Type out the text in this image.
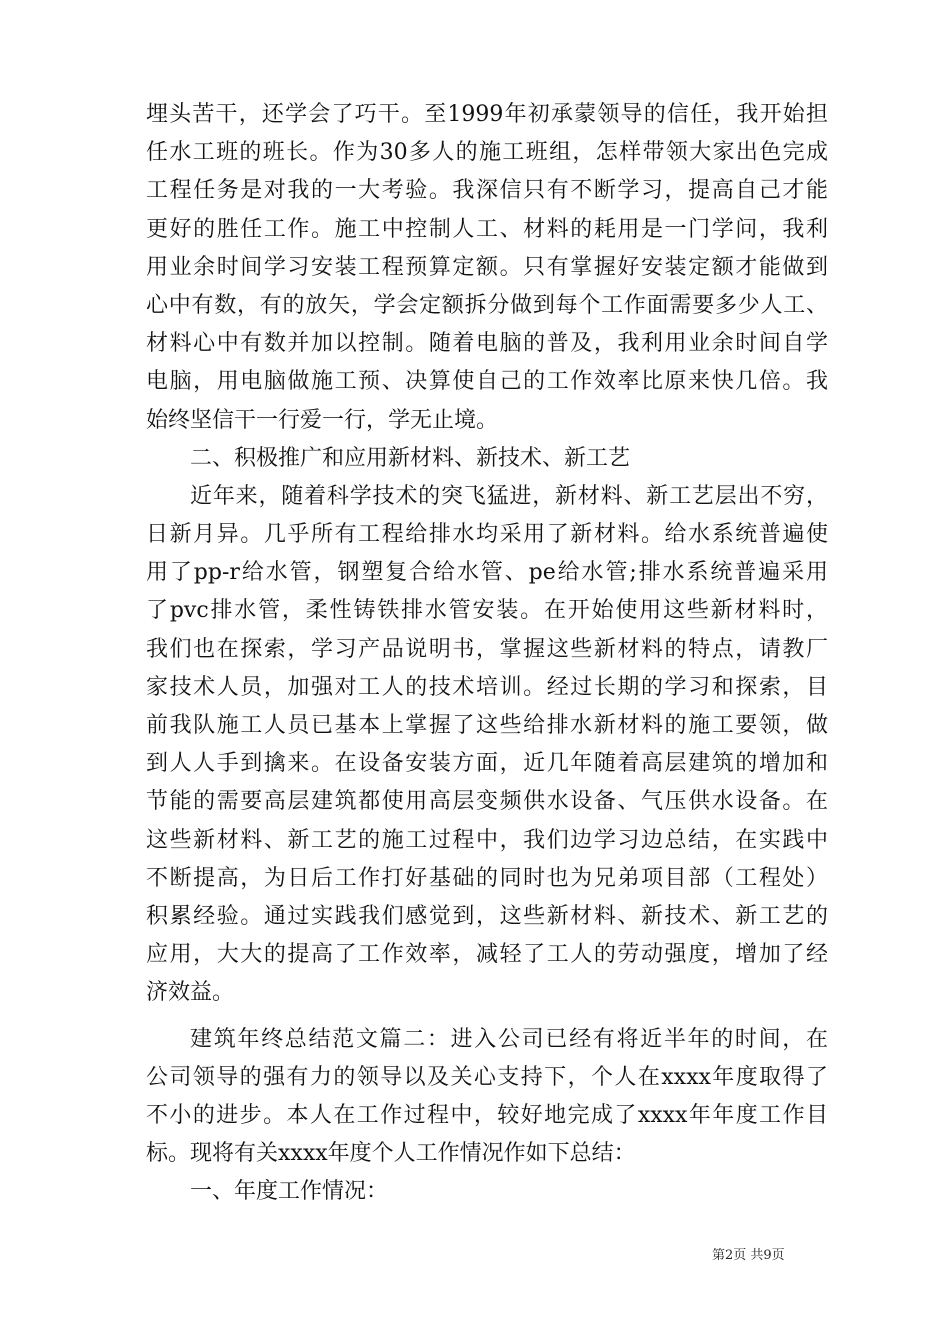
埋头苦干，还学会了巧干。至1999年初承蒙领导的信任，我开始担
任水工班的班长。作为30多人的施工班组，怎样带领大家出色完成
工程任务是对我的一大考验。我深信只有不断学习，提高自己才能
更好的胜任工作。施工中控制人工、材料的耗用是一门学问，我利
用业余时间学习安装工程预算定额。只有掌握好安装定额才能做到
心中有数，有的放矢，学会定额拆分做到每个工作面需要多少人工、
材料心中有数并加以控制。随着电脑的普及，我利用业余时间自学
电脑，用电脑做施工预、决算使自己的工作效率比原来快几倍。我
始终坚信干一行爱一行，学无止境。
二、积极推广和应用新材料、新技术、新工艺
近年来，随着科学技术的突飞猛进，新材料、新工艺层出不穷，
日新月异。几乎所有工程给排水均采用了新材料。给水系统普遍使
用了pp-r给水管，钢塑复合给水管、pe给水管;排水系统普遍采用
了pvc排水管，柔性铸铁排水管安装。在开始使用这些新材料时，
我们也在探索，学习产品说明书，掌握这些新材料的特点，请教厂
家技术人员，加强对工人的技术培训。经过长期的学习和探索，目
前我队施工人员已基本上掌握了这些给排水新材料的施工要领，做
到人人手到擒来。在设备安装方面，近几年随着高层建筑的增加和
节能的需要高层建筑都使用高层变频供水设备、气压供水设备。在
这些新材料、新工艺的施工过程中，我们边学习边总结，在实践中
不断提高，为日后工作打好基础的同时也为兄弟项目部（工程处）
积累经验。通过实践我们感觉到，这些新材料、新技术、新工艺的
应用，大大的提高了工作效率，减轻了工人的劳动强度，增加了经
济效益。
建筑年终总结范文篇二：进入公司已经有将近半年的时间，在
公司领导的强有力的领导以及关心支持下，个人在xxxx年度取得了
不小的进步。本人在工作过程中，较好地完成了xxxx年年度工作目
标。现将有关xxxx年度个人工作情况作如下总结：
一、年度工作情况：
第2页 共9页
